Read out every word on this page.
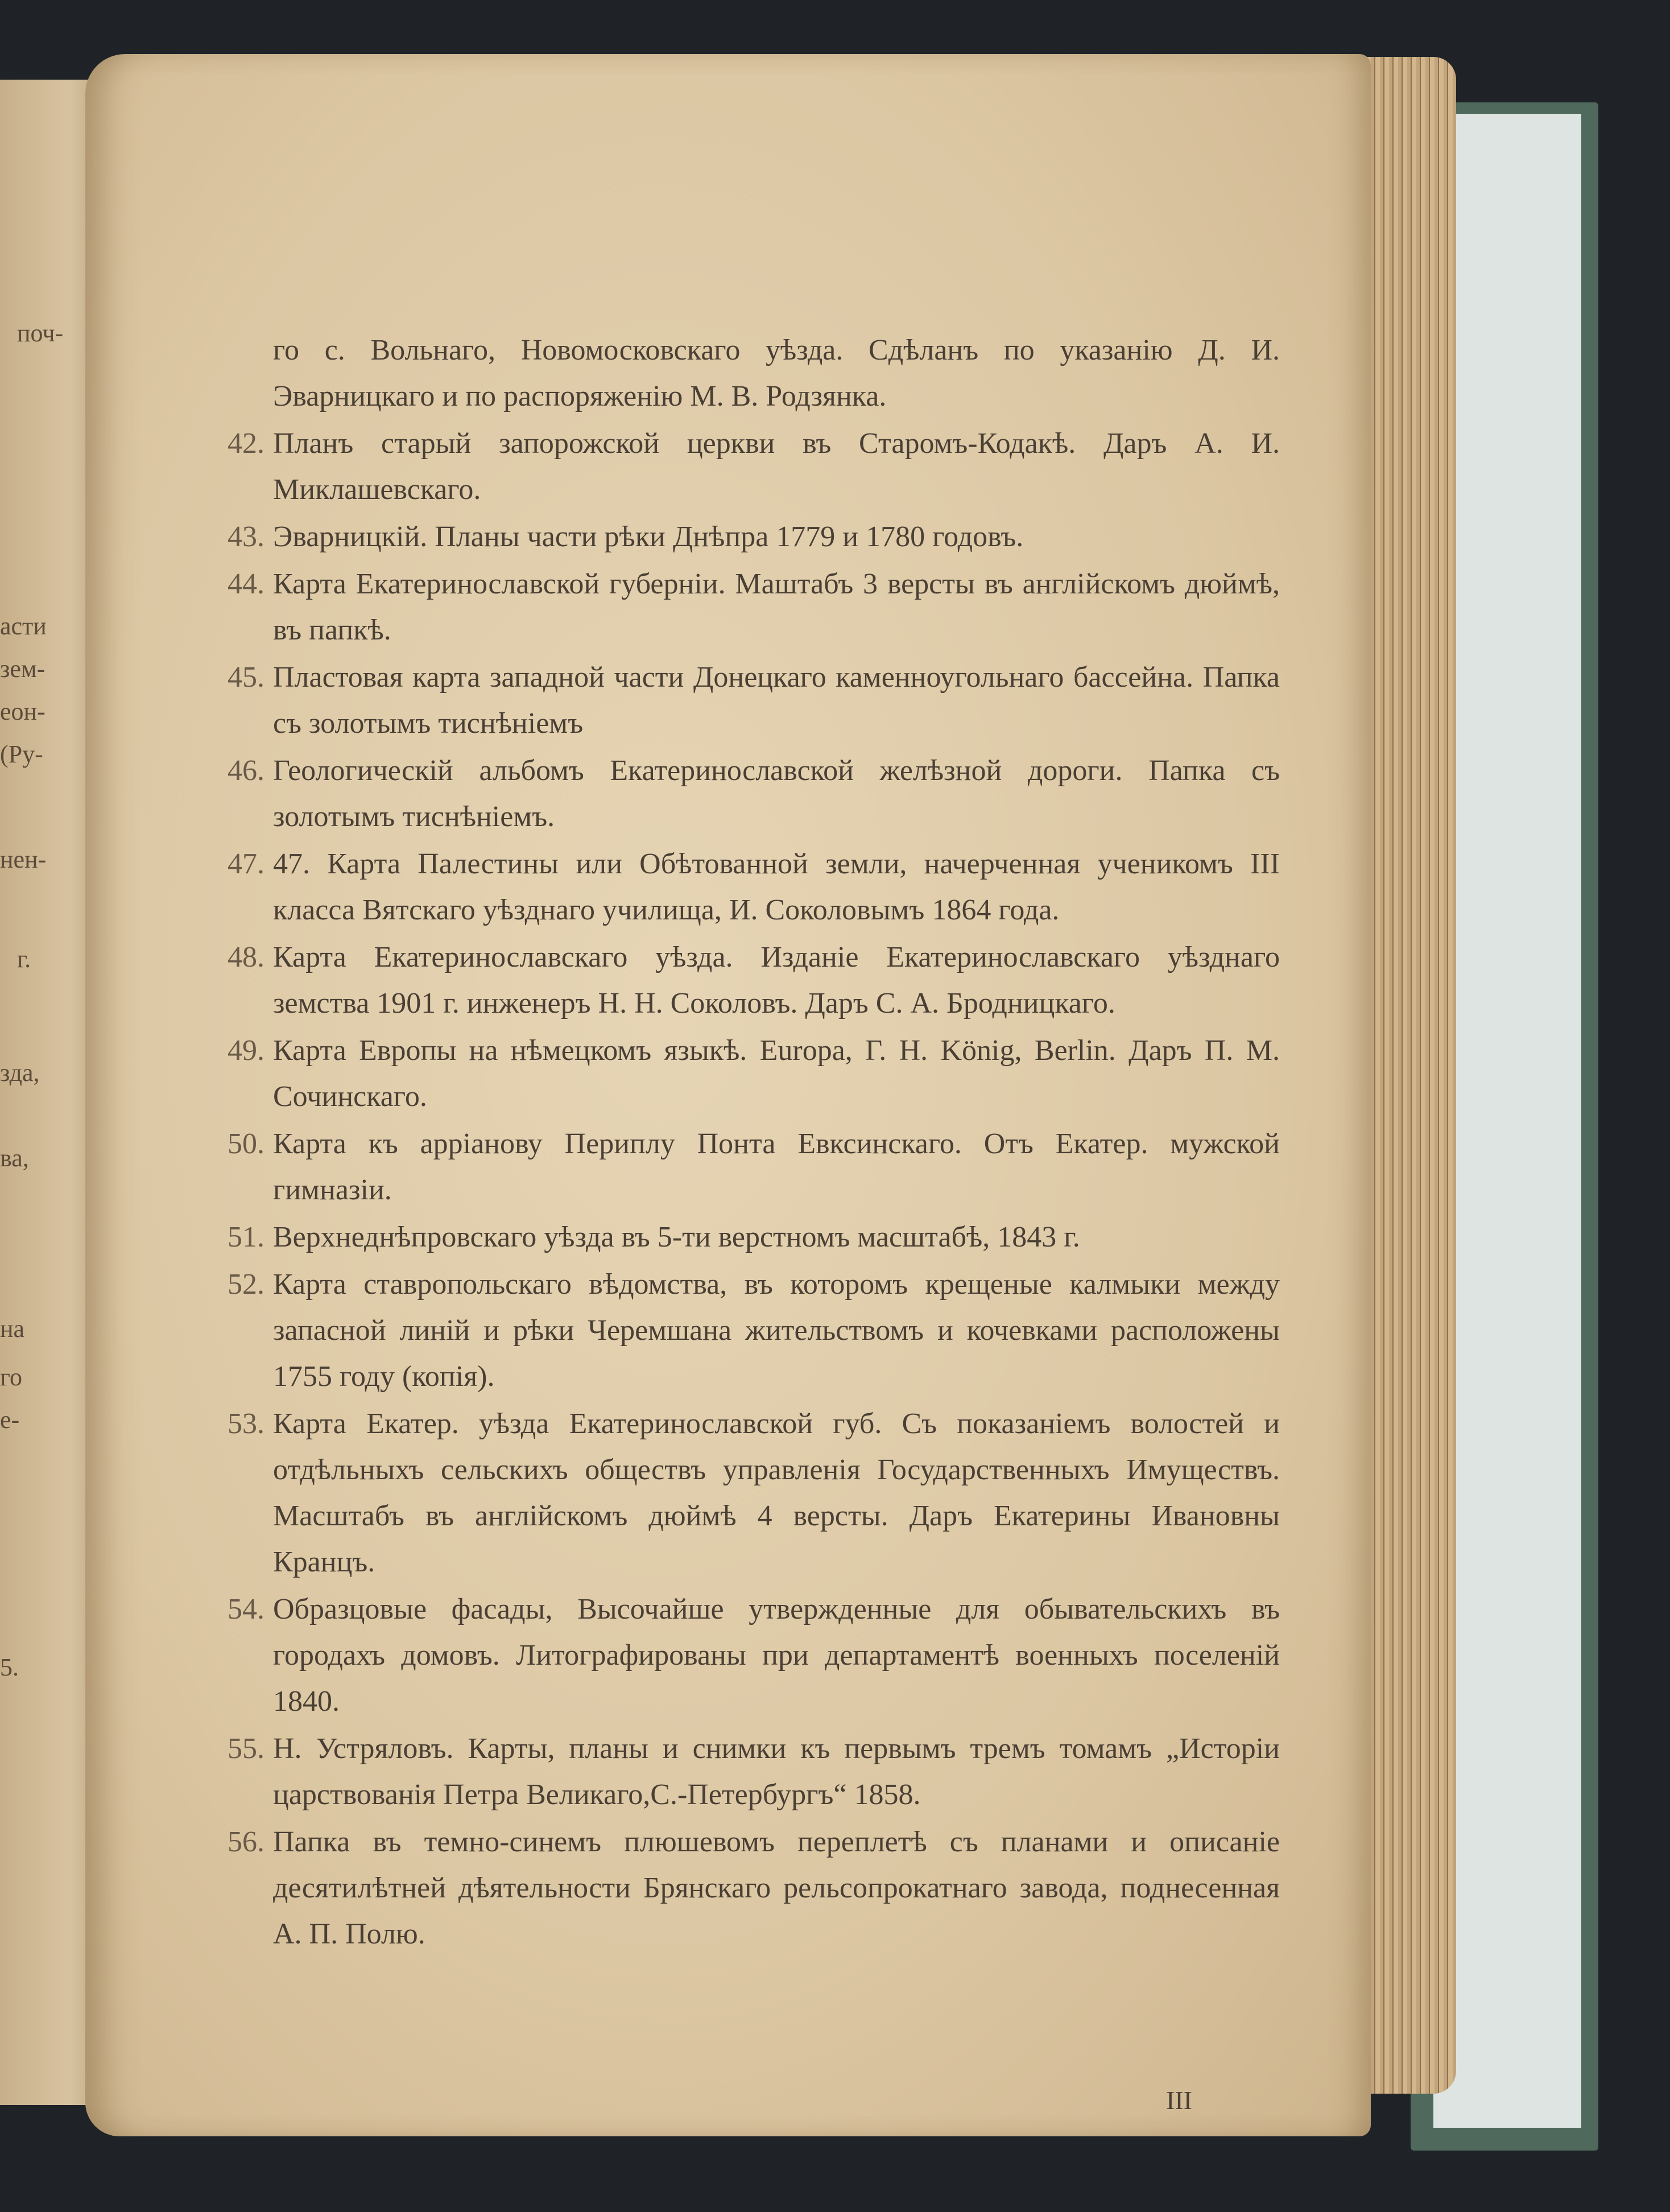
поч-
асти
зем-
еон-
(Ру-
нен-
г.
зда,
ва,
на
го
е-
5.
го с. Вольнаго, Новомосковскаго уѣзда. Сдѣланъ по указанію Д. И. Эварницкаго и по распоряженію М. В. Родзянка.
42. Планъ старый запорожской церкви въ Старомъ-Кодакѣ. Даръ А. И. Миклашевскаго.
43. Эварницкій. Планы части рѣки Днѣпра 1779 и 1780 годовъ.
44. Карта Екатеринославской губерніи. Маштабъ 3 версты въ англійскомъ дюймѣ, въ папкѣ.
45. Пластовая карта западной части Донецкаго каменноугольнаго бассейна. Папка съ золотымъ тиснѣніемъ
46. Геологическій альбомъ Екатеринославской желѣзной дороги. Папка съ золотымъ тиснѣніемъ.
47. 47. Карта Палестины или Обѣтованной земли, начерченная ученикомъ III класса Вятскаго уѣзднаго училища, И. Соколовымъ 1864 года.
48. Карта Екатеринославскаго уѣзда. Изданіе Екатеринославскаго уѣзднаго земства 1901 г. инженеръ Н. Н. Соколовъ. Даръ С. А. Бродницкаго.
49. Карта Европы на нѣмецкомъ языкѣ. Europa, Г. Н. König, Berlin. Даръ П. М. Сочинскаго.
50. Карта къ арріанову Периплу Понта Евксинскаго. Отъ Екатер. мужской гимназіи.
51. Верхнеднѣпровскаго уѣзда въ 5-ти верстномъ масштабѣ, 1843 г.
52. Карта ставропольскаго вѣдомства, въ которомъ крещеные калмыки между запасной линій и рѣки Черемшана жительствомъ и кочевками расположены 1755 году (копія).
53. Карта Екатер. уѣзда Екатеринославской губ. Съ показаніемъ волостей и отдѣльныхъ сельскихъ обществъ управленія Государственныхъ Имуществъ. Масштабъ въ англійскомъ дюймѣ 4 версты. Даръ Екатерины Ивановны Кранцъ.
54. Образцовые фасады, Высочайше утвержденные для обывательскихъ въ городахъ домовъ. Литографированы при департаментѣ военныхъ поселеній 1840.
55. Н. Устряловъ. Карты, планы и снимки къ первымъ тремъ томамъ „Исторіи царствованія Петра Великаго,С.-Петербургъ“ 1858.
56. Папка въ темно-синемъ плюшевомъ переплетѣ съ планами и описаніе десятилѣтней дѣятельности Брянскаго рельсопрокатнаго завода, поднесенная А. П. Полю.
III
